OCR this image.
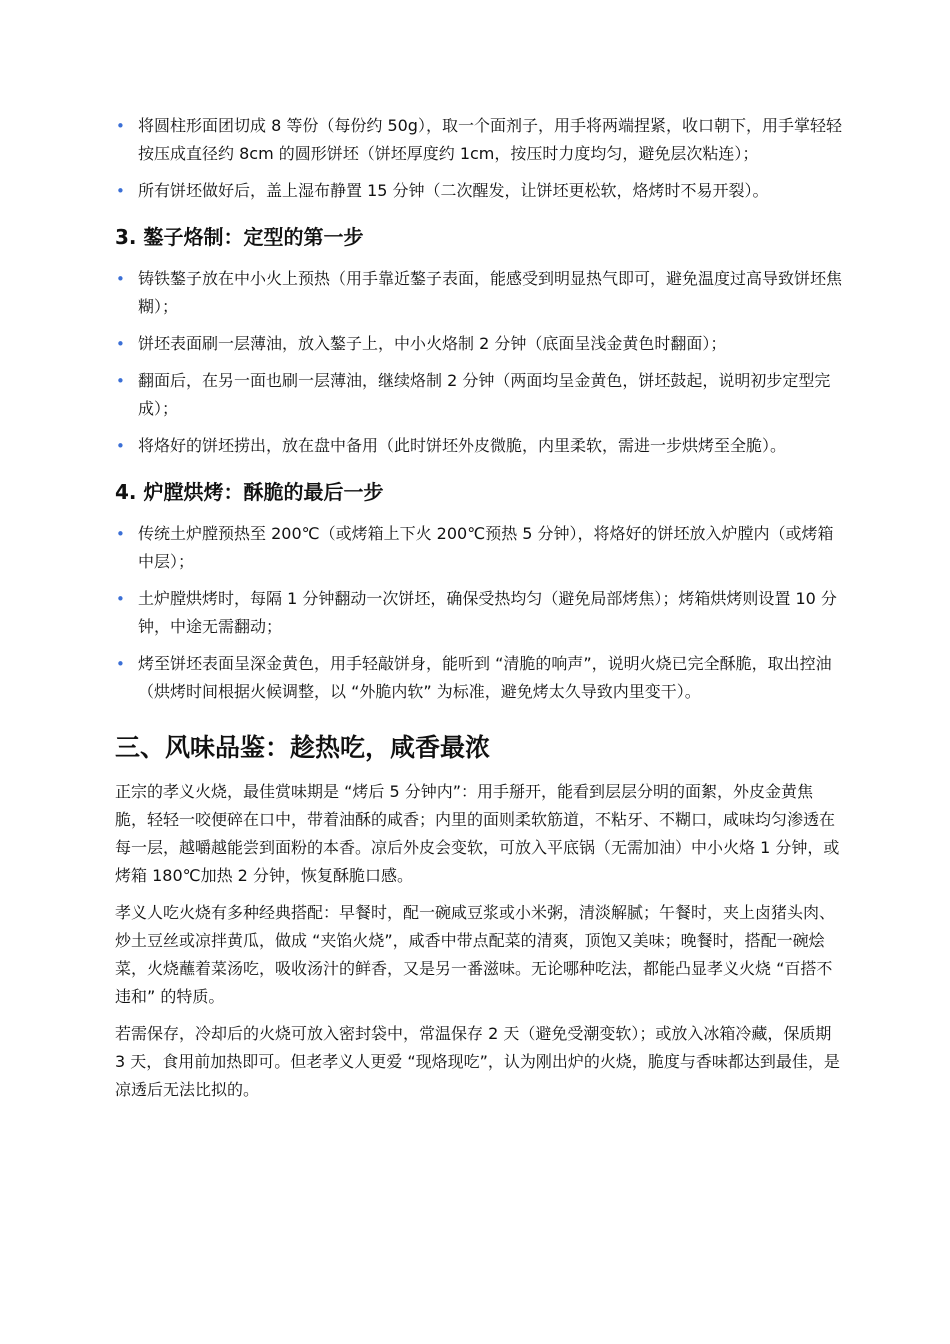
• 将圆柱形面团切成 8 等份（每份约 50g），取一个面剂子，用手将两端捏紧，收口朝下，用手掌轻轻按压成直径约 8cm 的圆形饼坯（饼坯厚度约 1cm，按压时力度均匀，避免层次粘连）；
• 所有饼坯做好后，盖上湿布静置 15 分钟（二次醒发，让饼坯更松软，烙烤时不易开裂）。
3. 鏊子烙制：定型的第一步
• 铸铁鏊子放在中小火上预热（用手靠近鏊子表面，能感受到明显热气即可，避免温度过高导致饼坯焦糊）；
• 饼坯表面刷一层薄油，放入鏊子上，中小火烙制 2 分钟（底面呈浅金黄色时翻面）；
• 翻面后，在另一面也刷一层薄油，继续烙制 2 分钟（两面均呈金黄色，饼坯鼓起，说明初步定型完成）；
• 将烙好的饼坯捞出，放在盘中备用（此时饼坯外皮微脆，内里柔软，需进一步烘烤至全脆）。
4. 炉膛烘烤：酥脆的最后一步
• 传统土炉膛预热至 200℃（或烤箱上下火 200℃预热 5 分钟），将烙好的饼坯放入炉膛内（或烤箱中层）；
• 土炉膛烘烤时，每隔 1 分钟翻动一次饼坯，确保受热均匀（避免局部烤焦）；烤箱烘烤则设置 10 分钟，中途无需翻动；
• 烤至饼坯表面呈深金黄色，用手轻敲饼身，能听到 “清脆的响声”，说明火烧已完全酥脆，取出控油（烘烤时间根据火候调整，以 “外脆内软” 为标准，避免烤太久导致内里变干）。
三、风味品鉴：趁热吃，咸香最浓

正宗的孝义火烧，最佳赏味期是 “烤后 5 分钟内”：用手掰开，能看到层层分明的面絮，外皮金黄焦脆，轻轻一咬便碎在口中，带着油酥的咸香；内里的面则柔软筋道，不粘牙、不糊口，咸味均匀渗透在每一层，越嚼越能尝到面粉的本香。凉后外皮会变软，可放入平底锅（无需加油）中小火烙 1 分钟，或烤箱 180℃加热 2 分钟，恢复酥脆口感。

孝义人吃火烧有多种经典搭配：早餐时，配一碗咸豆浆或小米粥，清淡解腻；午餐时，夹上卤猪头肉、炒土豆丝或凉拌黄瓜，做成 “夹馅火烧”，咸香中带点配菜的清爽，顶饱又美味；晚餐时，搭配一碗烩菜，火烧蘸着菜汤吃，吸收汤汁的鲜香，又是另一番滋味。无论哪种吃法，都能凸显孝义火烧 “百搭不违和” 的特质。

若需保存，冷却后的火烧可放入密封袋中，常温保存 2 天（避免受潮变软）；或放入冰箱冷藏，保质期 3 天，食用前加热即可。但老孝义人更爱 “现烙现吃”，认为刚出炉的火烧，脆度与香味都达到最佳，是凉透后无法比拟的。
